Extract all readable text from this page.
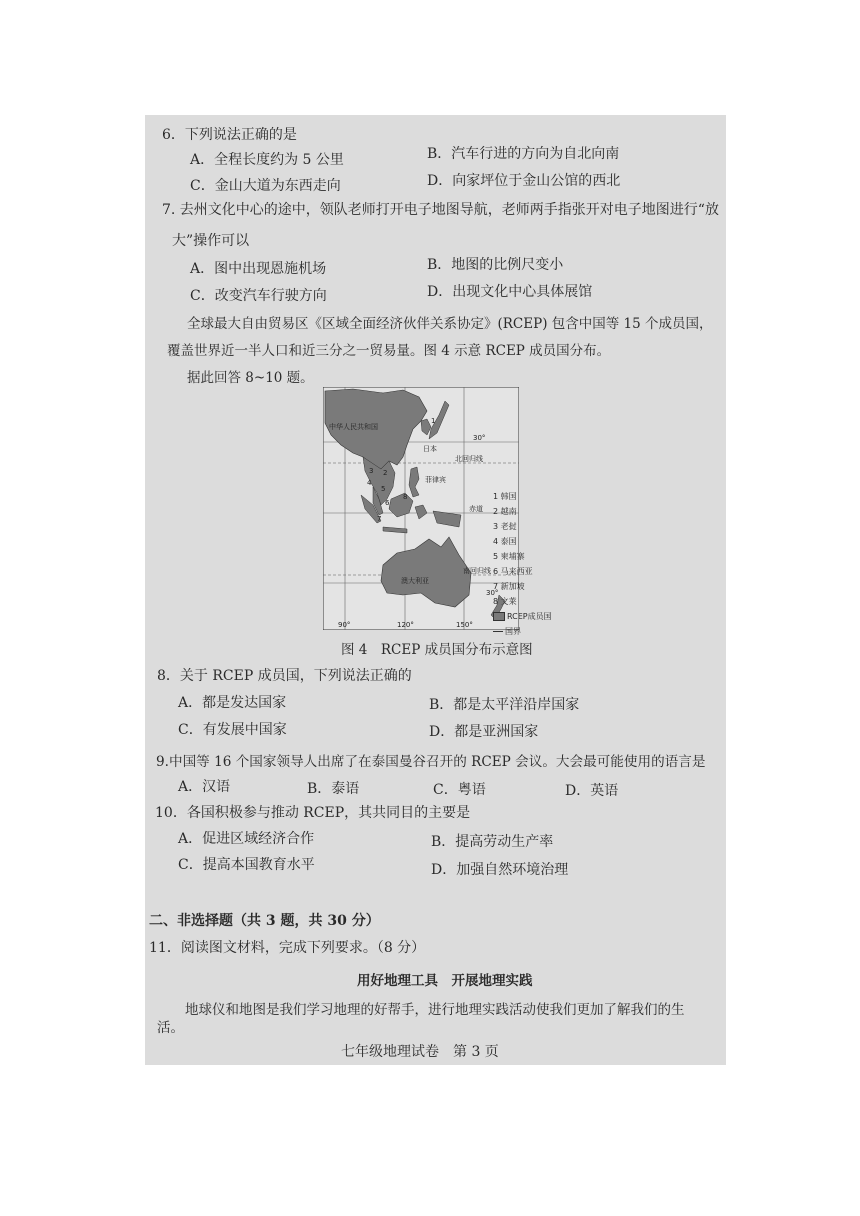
6．下列说法正确的是
A．全程长度约为 5 公里	B．汽车行进的方向为自北向南
C．金山大道为东西走向	D．向家坪位于金山公馆的西北
7. 去州文化中心的途中，领队老师打开电子地图导航，老师两手指张开对电子地图进行“放
大”操作可以
A．图中出现恩施机场	B．地图的比例尺变小
C．改变汽车行驶方向	D．出现文化中心具体展馆
全球最大自由贸易区《区域全面经济伙伴关系协定》(RCEP) 包含中国等 15 个成员国，
覆盖世界近一半人口和近三分之一贸易量。图 4 示意 RCEP 成员国分布。
据此回答 8~10 题。
中华人民共和国
日本
30°
北回归线
菲律宾
赤道
南回归线
澳大利亚
30°
90°	120°	150°
1
2
3
4
5
6
7
8	1 韩国
2 越南
3 老挝
4 泰国
5 柬埔寨
6 马来西亚
7 新加坡
8 文莱
RCEP成员国
国界
图 4　RCEP 成员国分布示意图
8．关于 RCEP 成员国，下列说法正确的
A．都是发达国家	B．都是太平洋沿岸国家
C．有发展中国家	D．都是亚洲国家
9.中国等 16 个国家领导人出席了在泰国曼谷召开的 RCEP 会议。大会最可能使用的语言是
A．汉语	B．泰语	C．粤语	D．英语
10．各国积极参与推动 RCEP，其共同目的主要是
A．促进区域经济合作	B．提高劳动生产率
C．提高本国教育水平	D．加强自然环境治理
二、非选择题（共 3 题，共 30 分）
11．阅读图文材料，完成下列要求。（8 分）
用好地理工具　开展地理实践
地球仪和地图是我们学习地理的好帮手，进行地理实践活动使我们更加了解我们的生
活。
七年级地理试卷　第 3 页
